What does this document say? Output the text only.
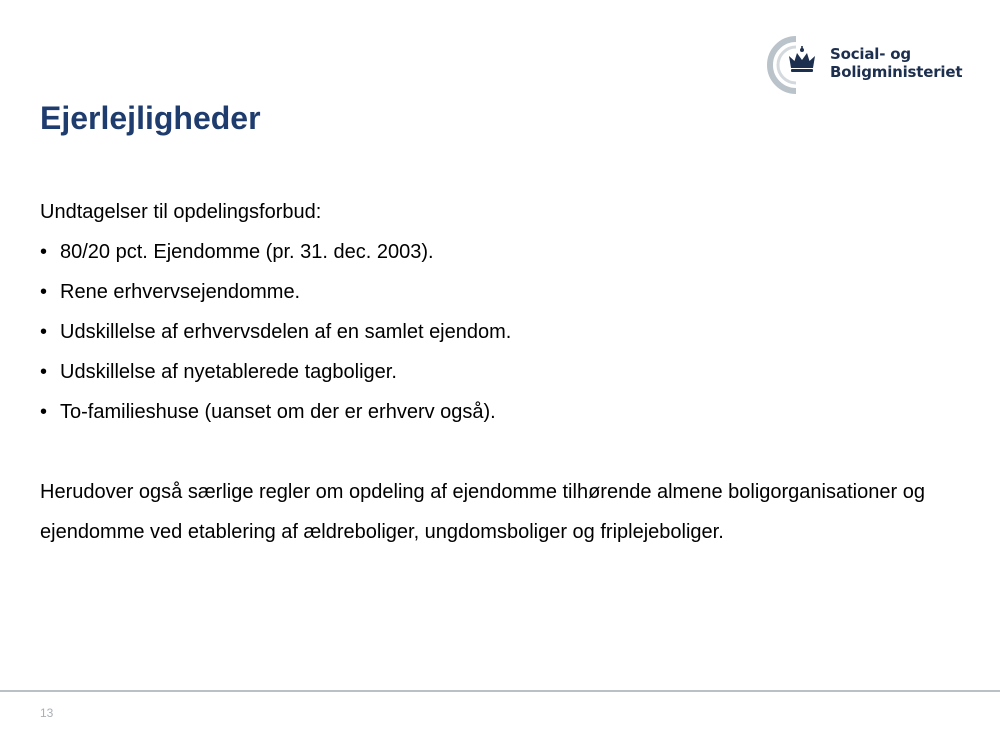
Social- og
Boligministeriet
Ejerlejligheder

Undtagelser til opdelingsforbud:

• 80/20 pct. Ejendomme (pr. 31. dec. 2003).
• Rene erhvervsejendomme.
• Udskillelse af erhvervsdelen af en samlet ejendom.
• Udskillelse af nyetablerede tagboliger.
• To-familieshuse (uanset om der er erhverv også).

Herudover også særlige regler om opdeling af ejendomme tilhørende almene boligorganisationer og ejendomme ved etablering af ældreboliger, ungdomsboliger og friplejeboliger.

13
